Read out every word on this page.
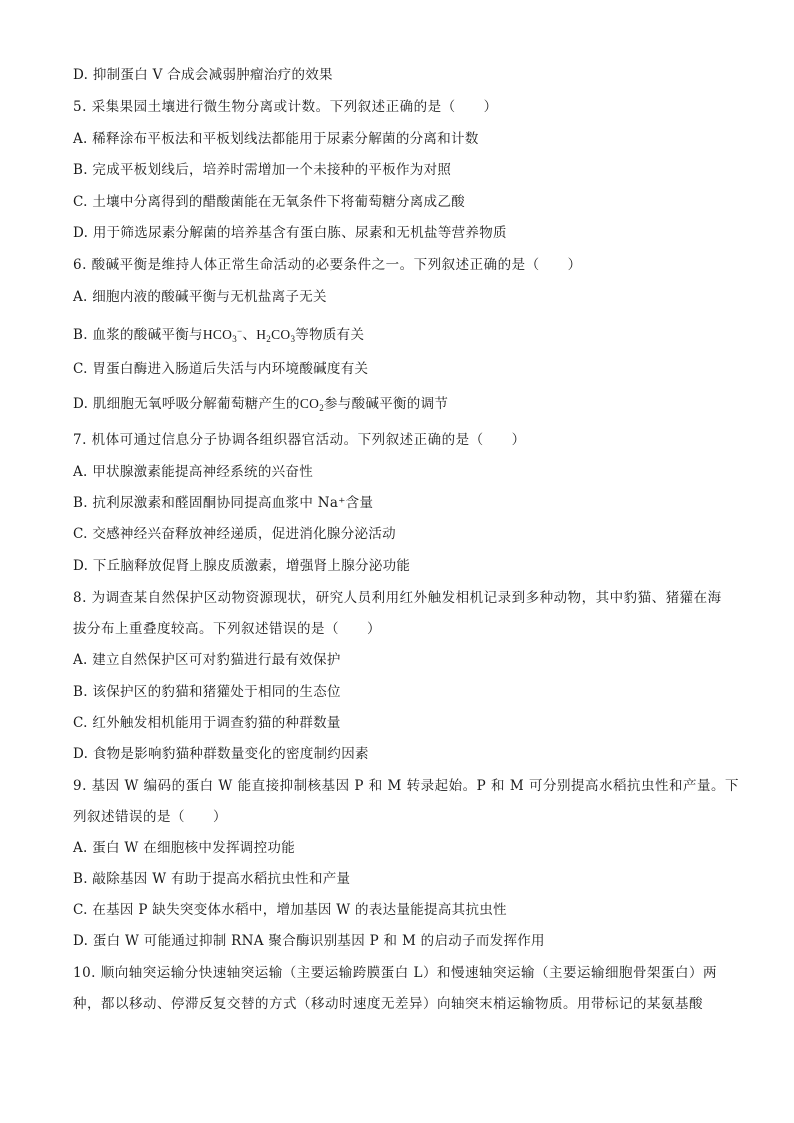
D. 抑制蛋白 V 合成会减弱肿瘤治疗的效果
5. 采集果园土壤进行微生物分离或计数。下列叙述正确的是（　　）
A. 稀释涂布平板法和平板划线法都能用于尿素分解菌的分离和计数
B. 完成平板划线后，培养时需增加一个未接种的平板作为对照
C. 土壤中分离得到的醋酸菌能在无氧条件下将葡萄糖分离成乙酸
D. 用于筛选尿素分解菌的培养基含有蛋白胨、尿素和无机盐等营养物质
6. 酸碱平衡是维持人体正常生命活动的必要条件之一。下列叙述正确的是（　　）
A. 细胞内液的酸碱平衡与无机盐离子无关
B. 血浆的酸碱平衡与$HCO_3^-$、$H_2CO_3$等物质有关
C. 胃蛋白酶进入肠道后失活与内环境酸碱度有关
D. 肌细胞无氧呼吸分解葡萄糖产生的$CO_2$参与酸碱平衡的调节
7. 机体可通过信息分子协调各组织器官活动。下列叙述正确的是（　　）
A. 甲状腺激素能提高神经系统的兴奋性
B. 抗利尿激素和醛固酮协同提高血浆中 Na⁺含量
C. 交感神经兴奋释放神经递质，促进消化腺分泌活动
D. 下丘脑释放促肾上腺皮质激素，增强肾上腺分泌功能
8. 为调查某自然保护区动物资源现状，研究人员利用红外触发相机记录到多种动物，其中豹猫、猪獾在海
拔分布上重叠度较高。下列叙述错误的是（　　）
A. 建立自然保护区可对豹猫进行最有效保护
B. 该保护区的豹猫和猪獾处于相同的生态位
C. 红外触发相机能用于调查豹猫的种群数量
D. 食物是影响豹猫种群数量变化的密度制约因素
9. 基因 W 编码的蛋白 W 能直接抑制核基因 P 和 M 转录起始。P 和 M 可分别提高水稻抗虫性和产量。下
列叙述错误的是（　　）
A. 蛋白 W 在细胞核中发挥调控功能
B. 敲除基因 W 有助于提高水稻抗虫性和产量
C. 在基因 P 缺失突变体水稻中，增加基因 W 的表达量能提高其抗虫性
D. 蛋白 W 可能通过抑制 RNA 聚合酶识别基因 P 和 M 的启动子而发挥作用
10. 顺向轴突运输分快速轴突运输（主要运输跨膜蛋白 L）和慢速轴突运输（主要运输细胞骨架蛋白）两
种，都以移动、停滞反复交替的方式（移动时速度无差异）向轴突末梢运输物质。用带标记的某氨基酸
